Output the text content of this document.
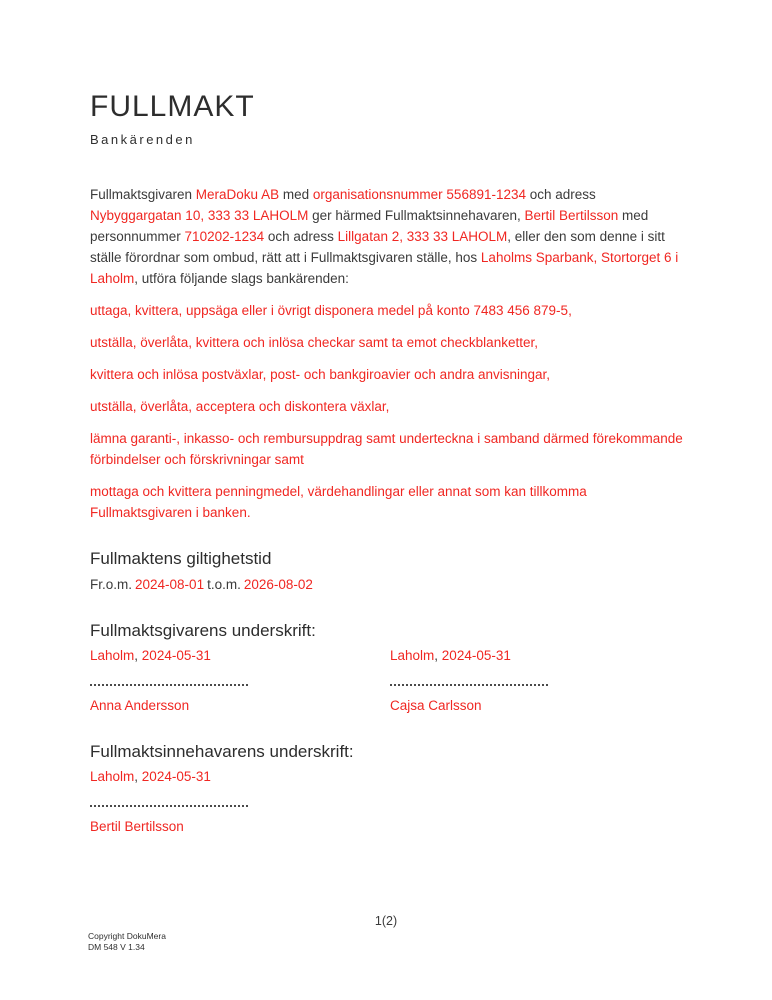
FULLMAKT
Bankärenden

Fullmaktsgivaren MeraDoku AB med organisationsnummer 556891-1234 och adress Nybyggargatan 10, 333 33 LAHOLM ger härmed Fullmaktsinnehavaren, Bertil Bertilsson med personnummer 710202-1234 och adress Lillgatan 2, 333 33 LAHOLM, eller den som denne i sitt ställe förordnar som ombud, rätt att i Fullmaktsgivaren ställe, hos Laholms Sparbank, Stortorget 6 i Laholm, utföra följande slags bankärenden:

uttaga, kvittera, uppsäga eller i övrigt disponera medel på konto 7483 456 879-5,

utställa, överlåta, kvittera och inlösa checkar samt ta emot checkblanketter,

kvittera och inlösa postväxlar, post- och bankgiroavier och andra anvisningar,

utställa, överlåta, acceptera och diskontera växlar,

lämna garanti-, inkasso- och rembursuppdrag samt underteckna i samband därmed förekommande förbindelser och förskrivningar samt

mottaga och kvittera penningmedel, värdehandlingar eller annat som kan tillkomma Fullmaktsgivaren i banken.

Fullmaktens giltighetstid

Fr.o.m. 2024-08-01 t.o.m. 2026-08-02

Fullmaktsgivarens underskrift:

Laholm, 2024-05-31

Anna Andersson

Laholm, 2024-05-31

Cajsa Carlsson

Fullmaktsinnehavarens underskrift:

Laholm, 2024-05-31

Bertil Bertilsson

1(2)
Copyright DokuMera
DM 548 V 1.34
